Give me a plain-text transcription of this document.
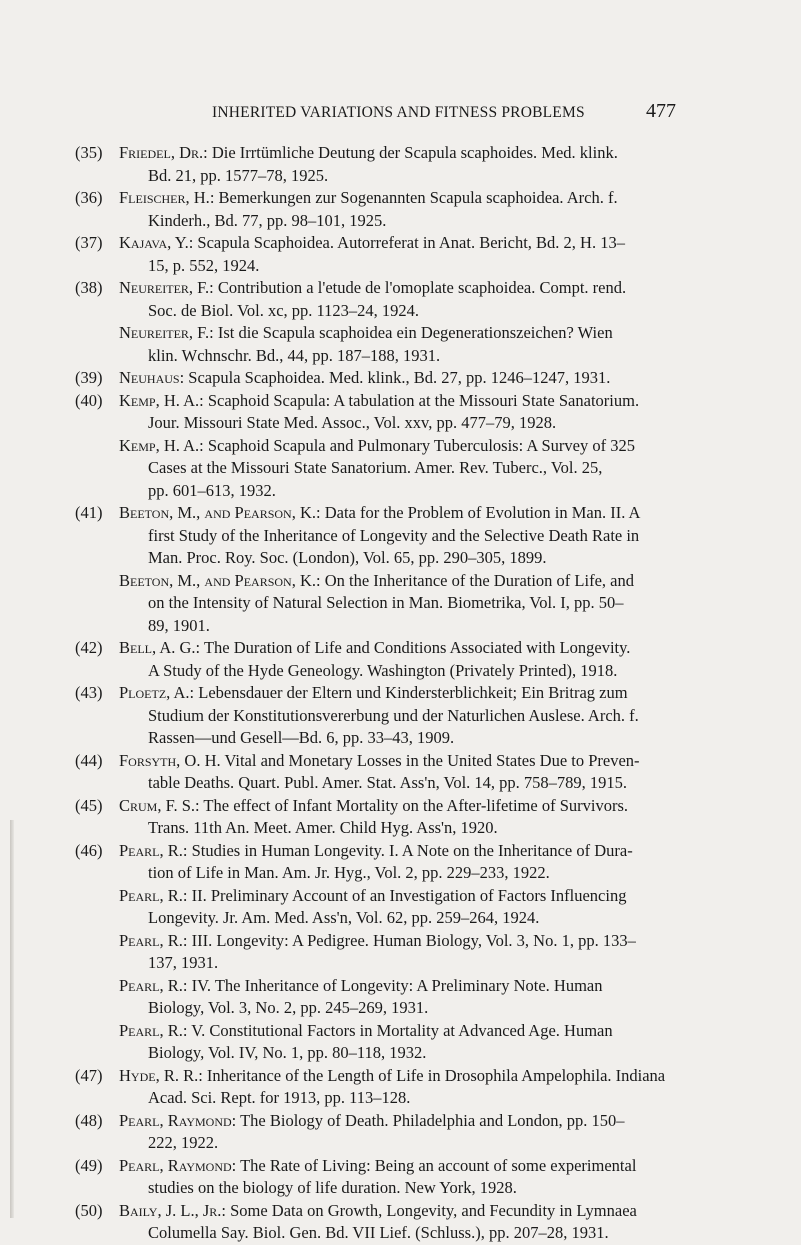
INHERITED VARIATIONS AND FITNESS PROBLEMS	477
(35)	Friedel, Dr.: Die Irrtümliche Deutung der Scapula scaphoides. Med. klink.
Bd. 21, pp. 1577–78, 1925.
(36)	Fleischer, H.: Bemerkungen zur Sogenannten Scapula scaphoidea. Arch. f.
Kinderh., Bd. 77, pp. 98–101, 1925.
(37)	Kajava, Y.: Scapula Scaphoidea. Autorreferat in Anat. Bericht, Bd. 2, H. 13–
15, p. 552, 1924.
(38)	Neureiter, F.: Contribution a l'etude de l'omoplate scaphoidea. Compt. rend.
Soc. de Biol. Vol. xc, pp. 1123–24, 1924.
Neureiter, F.: Ist die Scapula scaphoidea ein Degenerationszeichen? Wien
klin. Wchnschr. Bd., 44, pp. 187–188, 1931.
(39)	Neuhaus: Scapula Scaphoidea. Med. klink., Bd. 27, pp. 1246–1247, 1931.
(40)	Kemp, H. A.: Scaphoid Scapula: A tabulation at the Missouri State Sanatorium.
Jour. Missouri State Med. Assoc., Vol. xxv, pp. 477–79, 1928.
Kemp, H. A.: Scaphoid Scapula and Pulmonary Tuberculosis: A Survey of 325
Cases at the Missouri State Sanatorium. Amer. Rev. Tuberc., Vol. 25,
pp. 601–613, 1932.
(41)	Beeton, M., and Pearson, K.: Data for the Problem of Evolution in Man. II. A
first Study of the Inheritance of Longevity and the Selective Death Rate in
Man. Proc. Roy. Soc. (London), Vol. 65, pp. 290–305, 1899.
Beeton, M., and Pearson, K.: On the Inheritance of the Duration of Life, and
on the Intensity of Natural Selection in Man. Biometrika, Vol. I, pp. 50–
89, 1901.
(42)	Bell, A. G.: The Duration of Life and Conditions Associated with Longevity.
A Study of the Hyde Geneology. Washington (Privately Printed), 1918.
(43)	Ploetz, A.: Lebensdauer der Eltern und Kindersterblichkeit; Ein Britrag zum
Studium der Konstitutionsvererbung und der Naturlichen Auslese. Arch. f.
Rassen—und Gesell—Bd. 6, pp. 33–43, 1909.
(44)	Forsyth, O. H. Vital and Monetary Losses in the United States Due to Preven-
table Deaths. Quart. Publ. Amer. Stat. Ass'n, Vol. 14, pp. 758–789, 1915.
(45)	Crum, F. S.: The effect of Infant Mortality on the After-lifetime of Survivors.
Trans. 11th An. Meet. Amer. Child Hyg. Ass'n, 1920.
(46)	Pearl, R.: Studies in Human Longevity. I. A Note on the Inheritance of Dura-
tion of Life in Man. Am. Jr. Hyg., Vol. 2, pp. 229–233, 1922.
Pearl, R.: II. Preliminary Account of an Investigation of Factors Influencing
Longevity. Jr. Am. Med. Ass'n, Vol. 62, pp. 259–264, 1924.
Pearl, R.: III. Longevity: A Pedigree. Human Biology, Vol. 3, No. 1, pp. 133–
137, 1931.
Pearl, R.: IV. The Inheritance of Longevity: A Preliminary Note. Human
Biology, Vol. 3, No. 2, pp. 245–269, 1931.
Pearl, R.: V. Constitutional Factors in Mortality at Advanced Age. Human
Biology, Vol. IV, No. 1, pp. 80–118, 1932.
(47)	Hyde, R. R.: Inheritance of the Length of Life in Drosophila Ampelophila. Indiana
Acad. Sci. Rept. for 1913, pp. 113–128.
(48)	Pearl, Raymond: The Biology of Death. Philadelphia and London, pp. 150–
222, 1922.
(49)	Pearl, Raymond: The Rate of Living: Being an account of some experimental
studies on the biology of life duration. New York, 1928.
(50)	Baily, J. L., Jr.: Some Data on Growth, Longevity, and Fecundity in Lymnaea
Columella Say. Biol. Gen. Bd. VII Lief. (Schluss.), pp. 207–28, 1931.
